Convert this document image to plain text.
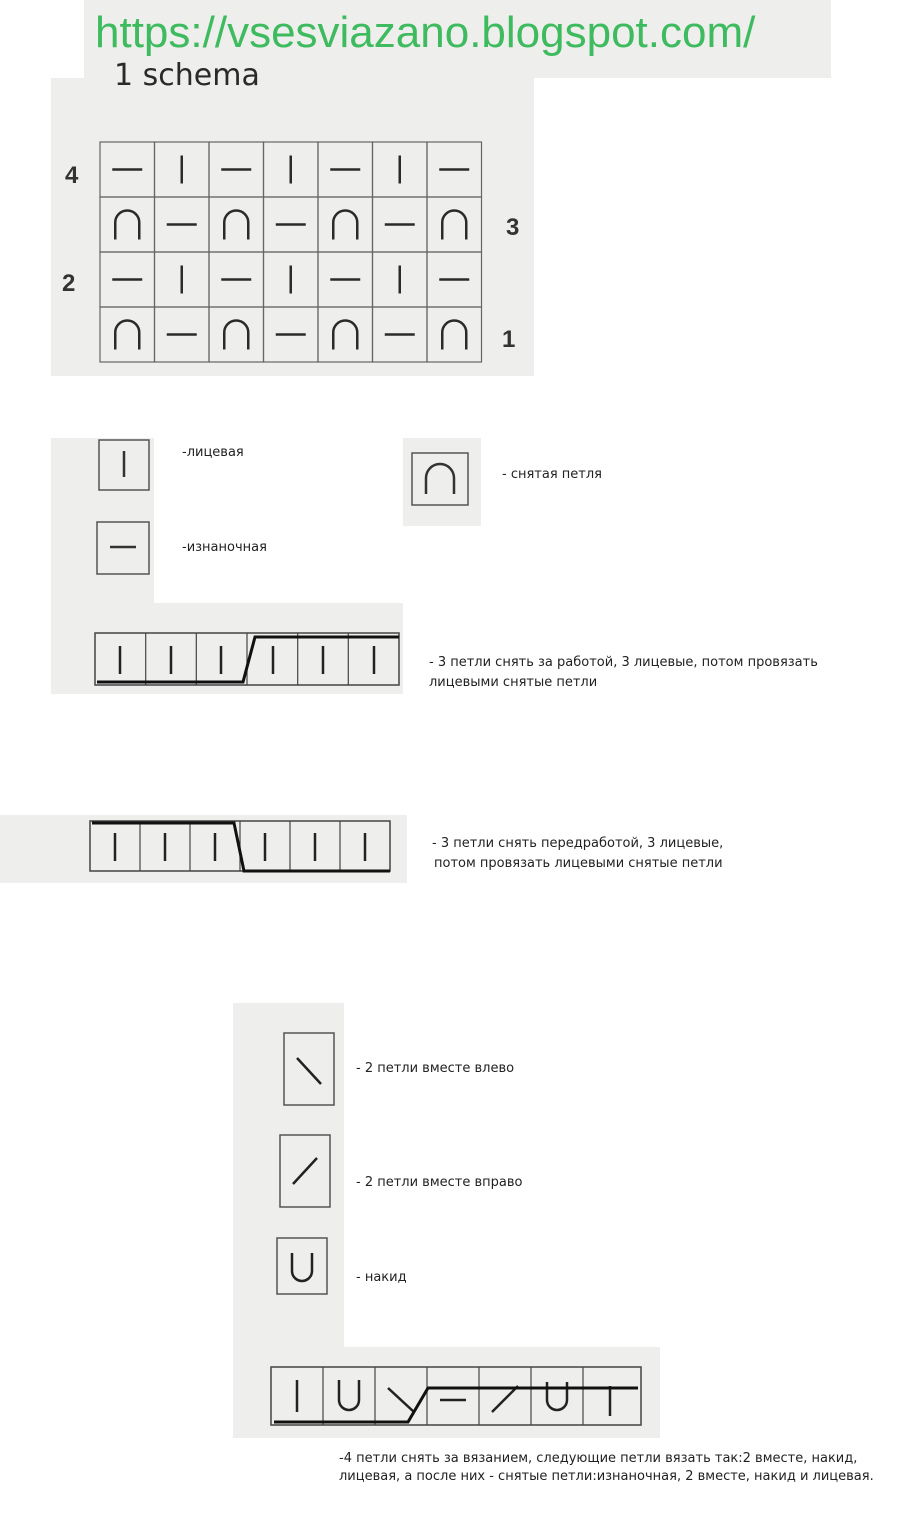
https://vsesviazano.blogspot.com/
1 schema
4
2
3
1
-лицевая
-изнаночная
- снятая петля
- 3 петли снять за работой, 3 лицевые, потом провязать лицевыми снятые петли
- 3 петли снять передработой, 3 лицевые,
потом провязать лицевыми снятые петли
- 2 петли вместе влево
- 2 петли вместе вправо
- накид
-4 петли снять за вязанием, следующие петли вязать так:2 вместе, накид,
лицевая, а после них - снятые петли:изнаночная, 2 вместе, накид и лицевая.
